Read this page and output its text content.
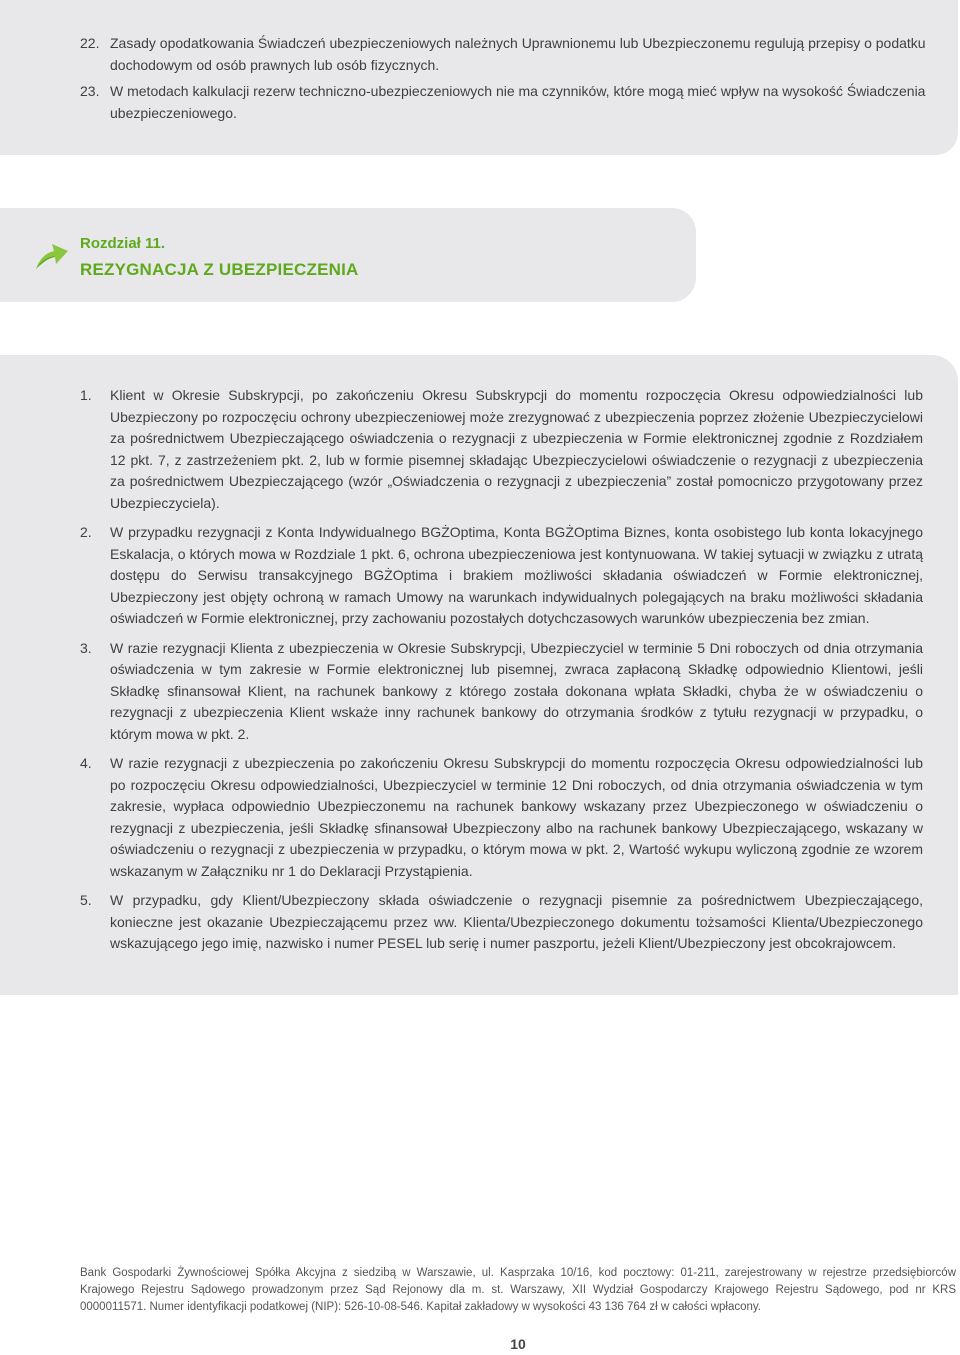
22. Zasady opodatkowania Świadczeń ubezpieczeniowych należnych Uprawnionemu lub Ubezpieczonemu regulują przepisy o podatku dochodowym od osób prawnych lub osób fizycznych.
23. W metodach kalkulacji rezerw techniczno-ubezpieczeniowych nie ma czynników, które mogą mieć wpływ na wysokość Świadczenia ubezpieczeniowego.
Rozdział 11.
REZYGNACJA Z UBEZPIECZENIA
1. Klient w Okresie Subskrypcji, po zakończeniu Okresu Subskrypcji do momentu rozpoczęcia Okresu odpowiedzialności lub Ubezpieczony po rozpoczęciu ochrony ubezpieczeniowej może zrezygnować z ubezpieczenia poprzez złożenie Ubezpieczycielowi za pośrednictwem Ubezpieczającego oświadczenia o rezygnacji z ubezpieczenia w Formie elektronicznej zgodnie z Rozdziałem 12 pkt. 7, z zastrzeżeniem pkt. 2, lub w formie pisemnej składając Ubezpieczycielowi oświadczenie o rezygnacji z ubezpieczenia za pośrednictwem Ubezpieczającego (wzór „Oświadczenia o rezygnacji z ubezpieczenia” został pomocniczo przygotowany przez Ubezpieczyciela).
2. W przypadku rezygnacji z Konta Indywidualnego BGŻOptima, Konta BGŻOptima Biznes, konta osobistego lub konta lokacyjnego Eskalacja, o których mowa w Rozdziale 1 pkt. 6, ochrona ubezpieczeniowa jest kontynuowana. W takiej sytuacji w związku z utratą dostępu do Serwisu transakcyjnego BGŻOptima i brakiem możliwości składania oświadczeń w Formie elektronicznej, Ubezpieczony jest objęty ochroną w ramach Umowy na warunkach indywidualnych polegających na braku możliwości składania oświadczeń w Formie elektronicznej, przy zachowaniu pozostałych dotychczasowych warunków ubezpieczenia bez zmian.
3. W razie rezygnacji Klienta z ubezpieczenia w Okresie Subskrypcji, Ubezpieczyciel w terminie 5 Dni roboczych od dnia otrzymania oświadczenia w tym zakresie w Formie elektronicznej lub pisemnej, zwraca zapłaconą Składkę odpowiednio Klientowi, jeśli Składkę sfinansował Klient, na rachunek bankowy z którego została dokonana wpłata Składki, chyba że w oświadczeniu o rezygnacji z ubezpieczenia Klient wskaże inny rachunek bankowy do otrzymania środków z tytułu rezygnacji w przypadku, o którym mowa w pkt. 2.
4. W razie rezygnacji z ubezpieczenia po zakończeniu Okresu Subskrypcji do momentu rozpoczęcia Okresu odpowiedzialności lub po rozpoczęciu Okresu odpowiedzialności, Ubezpieczyciel w terminie 12 Dni roboczych, od dnia otrzymania oświadczenia w tym zakresie, wypłaca odpowiednio Ubezpieczonemu na rachunek bankowy wskazany przez Ubezpieczonego w oświadczeniu o rezygnacji z ubezpieczenia, jeśli Składkę sfinansował Ubezpieczony albo na rachunek bankowy Ubezpieczającego, wskazany w oświadczeniu o rezygnacji z ubezpieczenia w przypadku, o którym mowa w pkt. 2, Wartość wykupu wyliczoną zgodnie ze wzorem wskazanym w Załączniku nr 1 do Deklaracji Przystąpienia.
5. W przypadku, gdy Klient/Ubezpieczony składa oświadczenie o rezygnacji pisemnie za pośrednictwem Ubezpieczającego, konieczne jest okazanie Ubezpieczającemu przez ww. Klienta/Ubezpieczonego dokumentu tożsamości Klienta/Ubezpieczonego wskazującego jego imię, nazwisko i numer PESEL lub serię i numer paszportu, jeżeli Klient/Ubezpieczony jest obcokrajowcem.
Bank Gospodarki Żywnościowej Spółka Akcyjna z siedzibą w Warszawie, ul. Kasprzaka 10/16, kod pocztowy: 01-211, zarejestrowany w rejestrze przedsiębiorców Krajowego Rejestru Sądowego prowadzonym przez Sąd Rejonowy dla m. st. Warszawy, XII Wydział Gospodarczy Krajowego Rejestru Sądowego, pod nr KRS 0000011571. Numer identyfikacji podatkowej (NIP): 526-10-08-546. Kapitał zakładowy w wysokości 43 136 764 zł w całości wpłacony.
10
